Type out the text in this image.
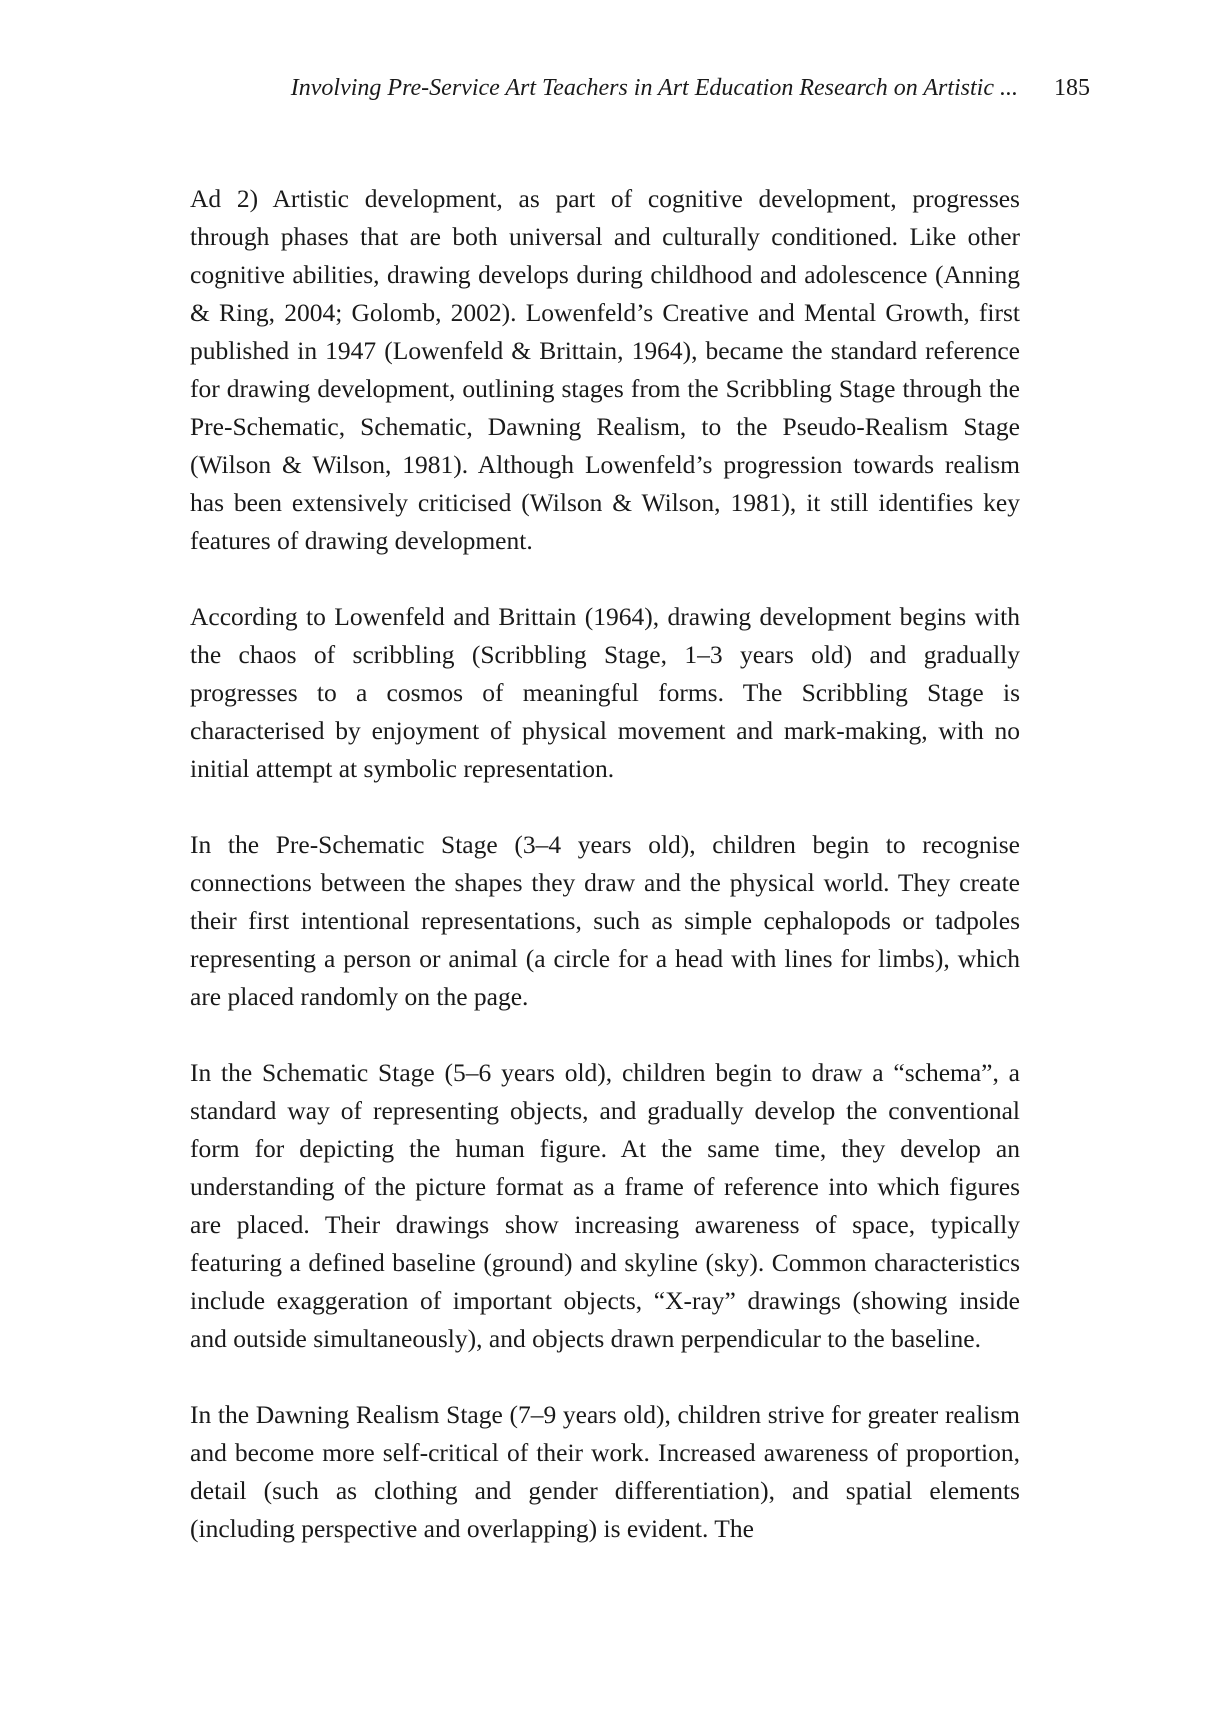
Involving Pre-Service Art Teachers in Art Education Research on Artistic ... 185

Ad 2) Artistic development, as part of cognitive development, progresses through phases that are both universal and culturally conditioned. Like other cognitive abilities, drawing develops during childhood and adolescence (Anning & Ring, 2004; Golomb, 2002). Lowenfeld’s Creative and Mental Growth, first published in 1947 (Lowenfeld & Brittain, 1964), became the standard reference for drawing development, outlining stages from the Scribbling Stage through the Pre-Schematic, Schematic, Dawning Realism, to the Pseudo-Realism Stage (Wilson & Wilson, 1981). Although Lowenfeld’s progression towards realism has been extensively criticised (Wilson & Wilson, 1981), it still identifies key features of drawing development.

According to Lowenfeld and Brittain (1964), drawing development begins with the chaos of scribbling (Scribbling Stage, 1–3 years old) and gradually progresses to a cosmos of meaningful forms. The Scribbling Stage is characterised by enjoyment of physical movement and mark-making, with no initial attempt at symbolic representation.

In the Pre-Schematic Stage (3–4 years old), children begin to recognise connections between the shapes they draw and the physical world. They create their first intentional representations, such as simple cephalopods or tadpoles representing a person or animal (a circle for a head with lines for limbs), which are placed randomly on the page.

In the Schematic Stage (5–6 years old), children begin to draw a “schema”, a standard way of representing objects, and gradually develop the conventional form for depicting the human figure. At the same time, they develop an understanding of the picture format as a frame of reference into which figures are placed. Their drawings show increasing awareness of space, typically featuring a defined baseline (ground) and skyline (sky). Common characteristics include exaggeration of important objects, “X-ray” drawings (showing inside and outside simultaneously), and objects drawn perpendicular to the baseline.

In the Dawning Realism Stage (7–9 years old), children strive for greater realism and become more self-critical of their work. Increased awareness of proportion, detail (such as clothing and gender differentiation), and spatial elements (including perspective and overlapping) is evident. The
